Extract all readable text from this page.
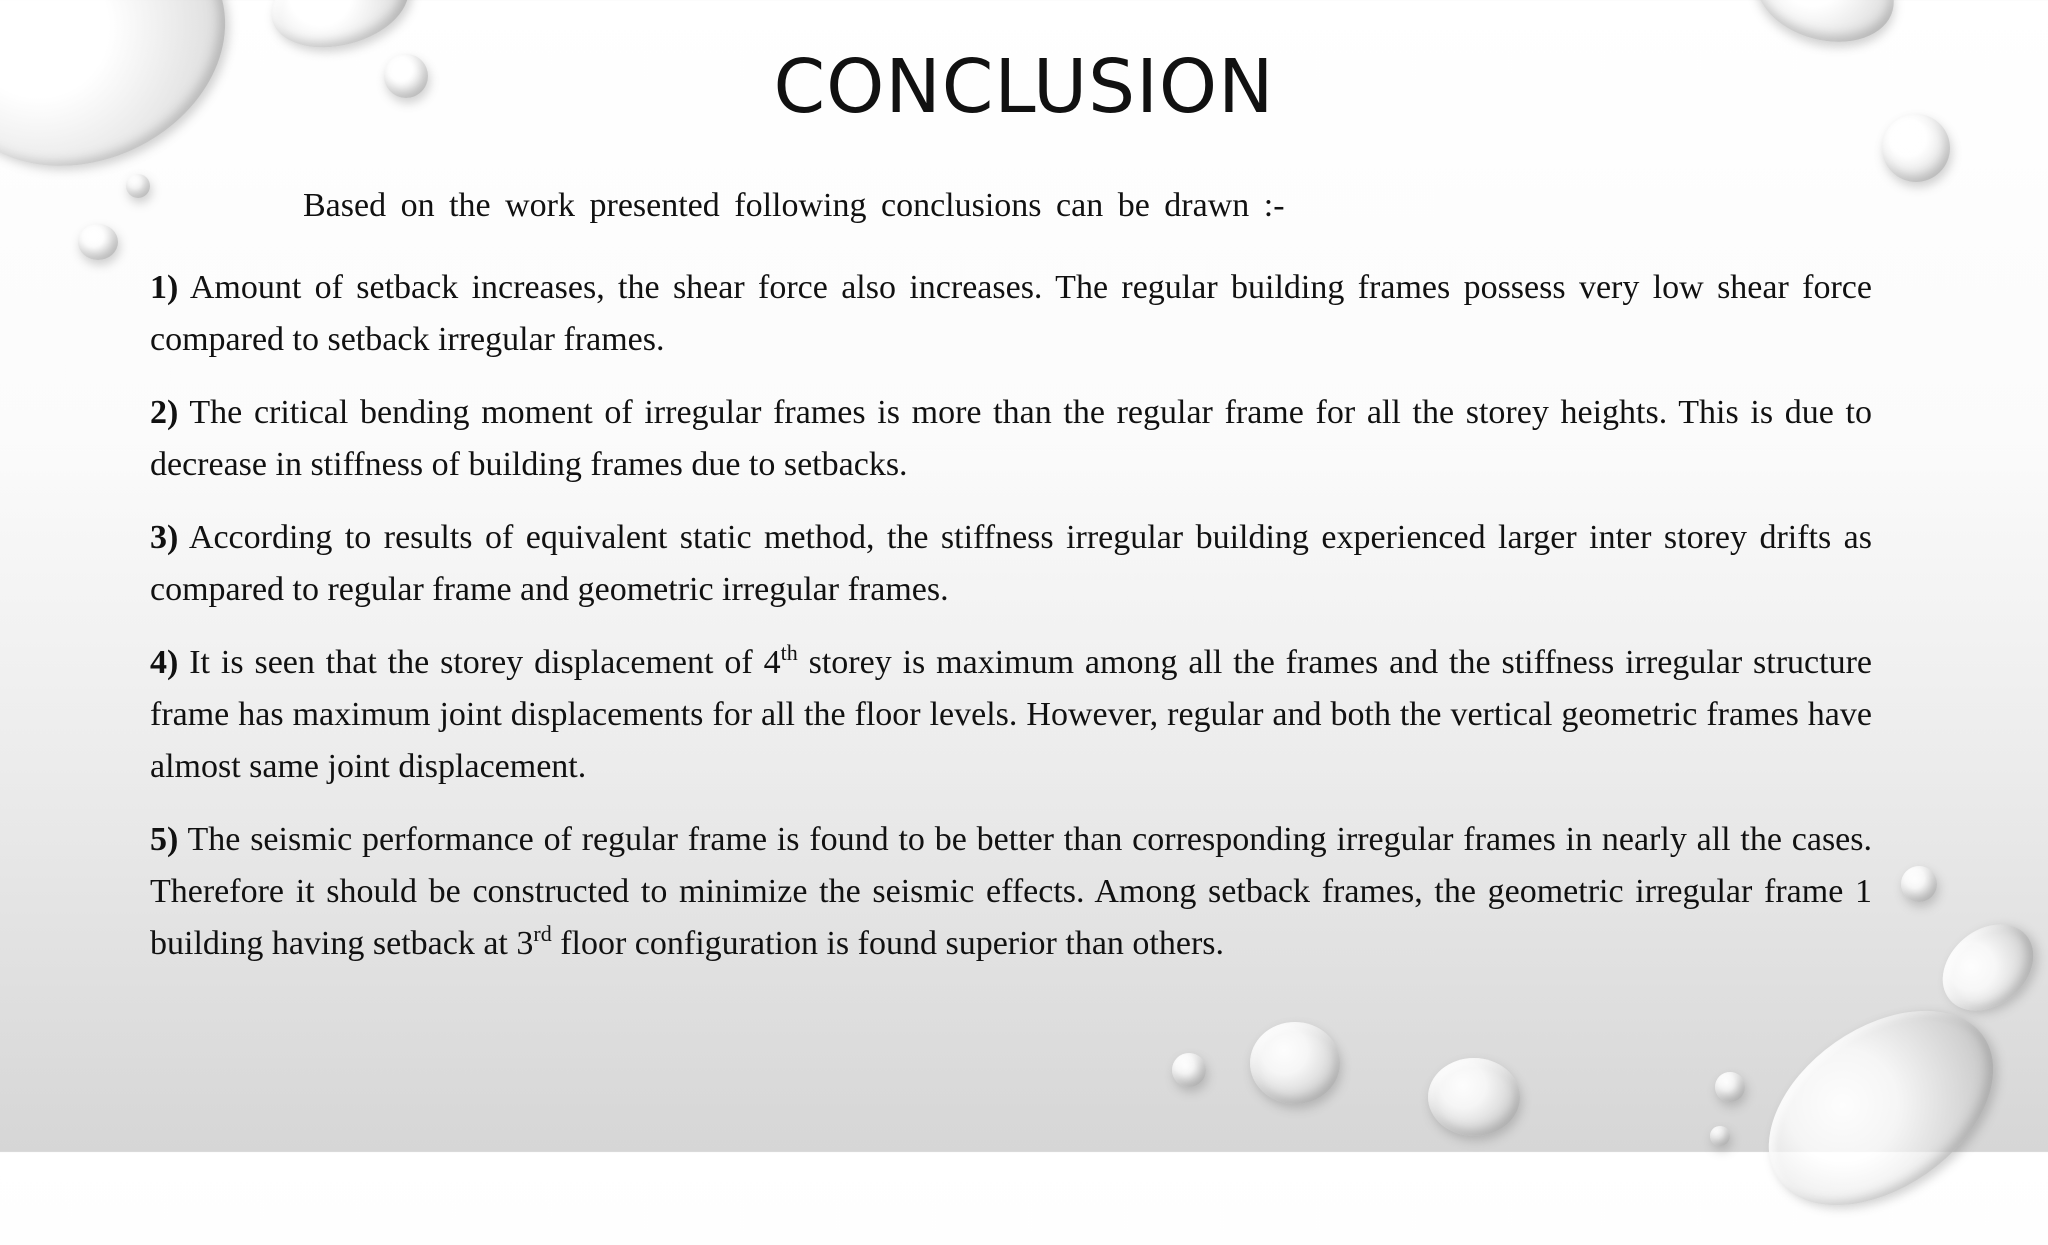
CONCLUSION

Based on the work presented following conclusions can be drawn :-

1) Amount of setback increases, the shear force also increases. The regular building frames possess very low shear force compared to setback irregular frames.

2) The critical bending moment of irregular frames is more than the regular frame for all the storey heights. This is due to decrease in stiffness of building frames due to setbacks.

3) According to results of equivalent static method, the stiffness irregular building experienced larger inter storey drifts as compared to regular frame and geometric irregular frames.

4) It is seen that the storey displacement of 4th storey is maximum among all the frames and the stiffness irregular structure frame has maximum joint displacements for all the floor levels. However, regular and both the vertical geometric frames have almost same joint displacement.

5) The seismic performance of regular frame is found to be better than corresponding irregular frames in nearly all the cases. Therefore it should be constructed to minimize the seismic effects. Among setback frames, the geometric irregular frame 1 building having setback at 3rd floor configuration is found superior than others.
